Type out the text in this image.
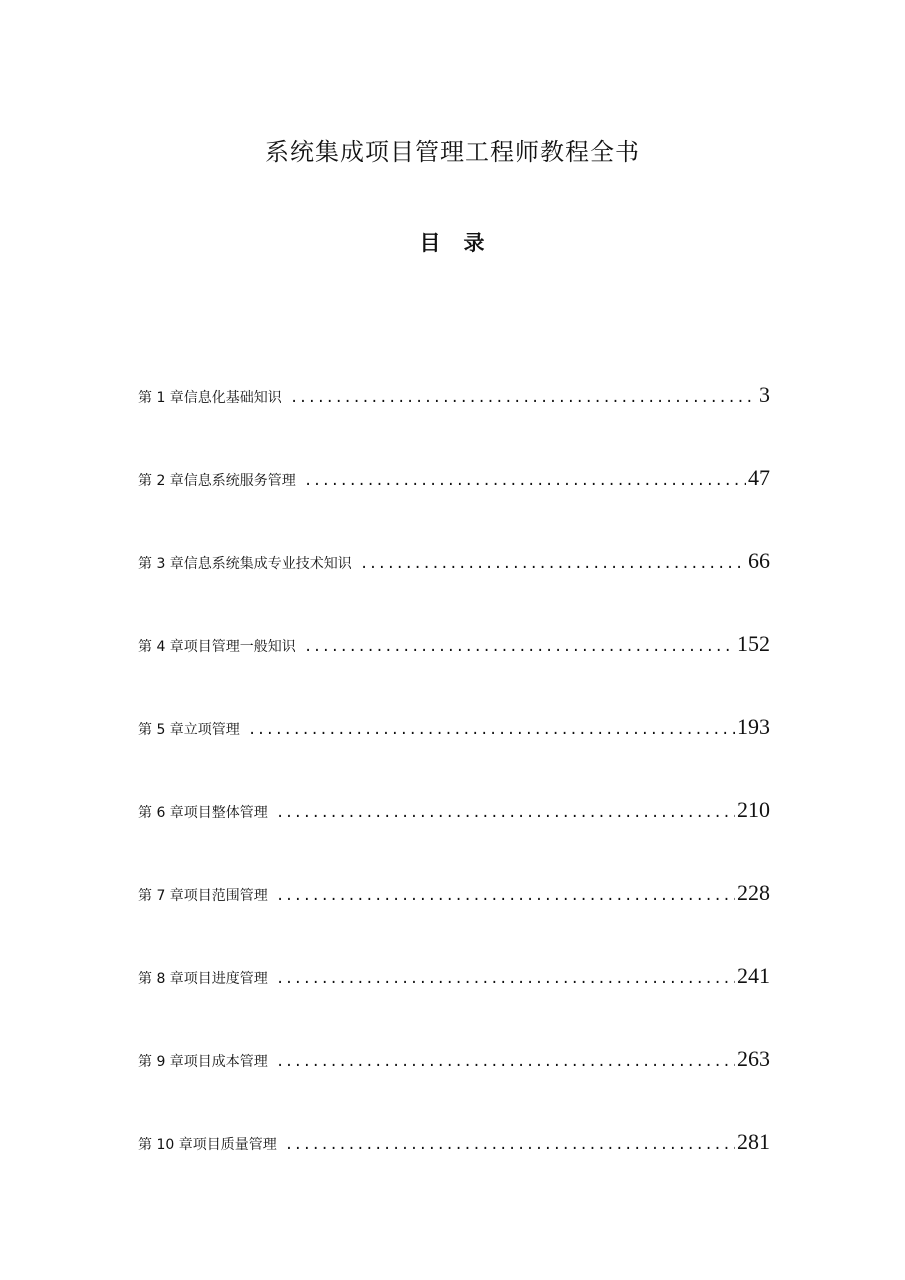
系统集成项目管理工程师教程全书
目　录
第 1 章信息化基础知识 .....	3
第 2 章信息系统服务管理 .....	47
第 3 章信息系统集成专业技术知识 .....	66
第 4 章项目管理一般知识 .....	152
第 5 章立项管理 .....	193
第 6 章项目整体管理 .....	210
第 7 章项目范围管理 .....	228
第 8 章项目进度管理 .....	241
第 9 章项目成本管理 .....	263
第 10 章项目质量管理 .....	281
